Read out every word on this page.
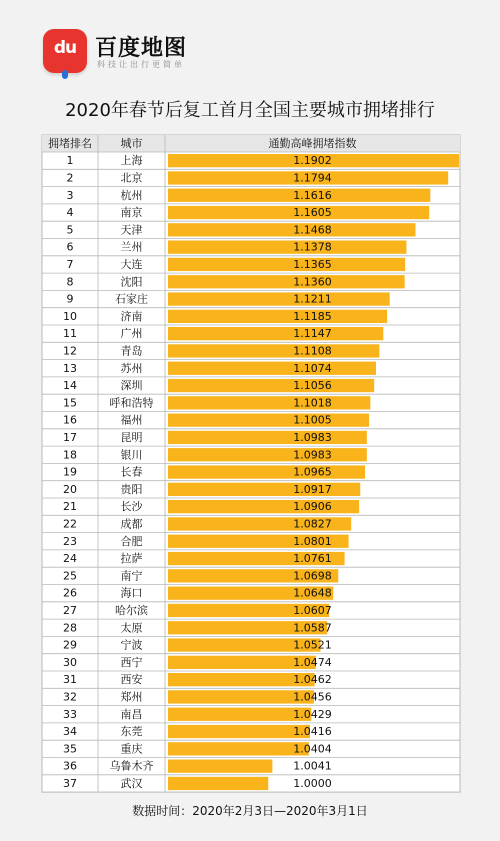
du 百度地图
科技让出行更简单
2020年春节后复工首月全国主要城市拥堵排行
拥堵排名	城市	通勤高峰拥堵指数
1	上海	1.1902
2	北京	1.1794
3	杭州	1.1616
4	南京	1.1605
5	天津	1.1468
6	兰州	1.1378
7	大连	1.1365
8	沈阳	1.1360
9	石家庄	1.1211
10	济南	1.1185
11	广州	1.1147
12	青岛	1.1108
13	苏州	1.1074
14	深圳	1.1056
15	呼和浩特	1.1018
16	福州	1.1005
17	昆明	1.0983
18	银川	1.0983
19	长春	1.0965
20	贵阳	1.0917
21	长沙	1.0906
22	成都	1.0827
23	合肥	1.0801
24	拉萨	1.0761
25	南宁	1.0698
26	海口	1.0648
27	哈尔滨	1.0607
28	太原	1.0587
29	宁波	1.0521
30	西宁	1.0474
31	西安	1.0462
32	郑州	1.0456
33	南昌	1.0429
34	东莞	1.0416
35	重庆	1.0404
36	乌鲁木齐	1.0041
37	武汉	1.0000
数据时间：2020年2月3日—2020年3月1日
